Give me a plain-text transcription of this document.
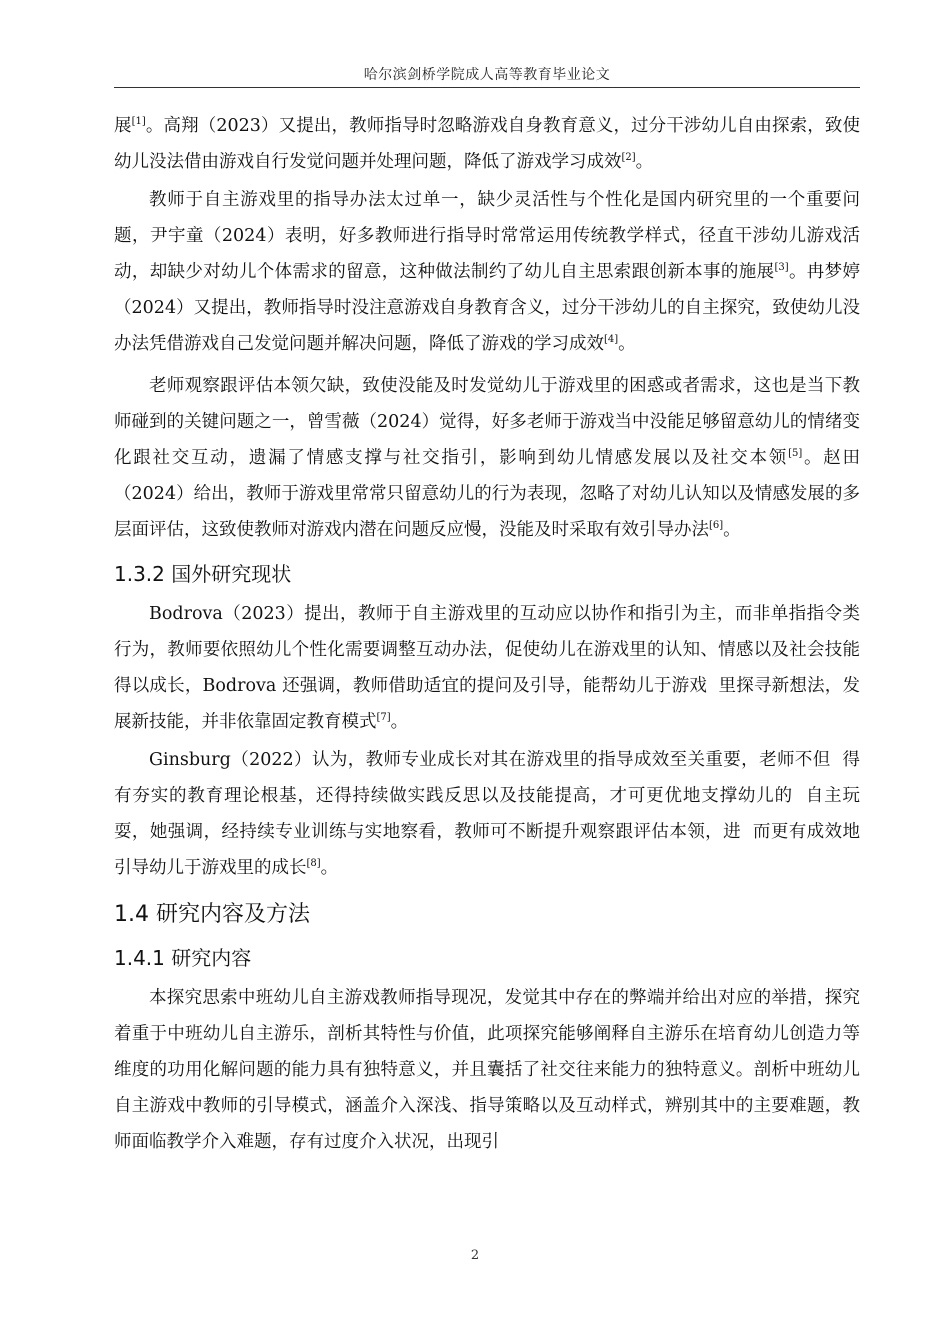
哈尔滨剑桥学院成人高等教育毕业论文

展[1]。高翔（2023）又提出，教师指导时忽略游戏自身教育意义，过分干涉幼儿自由探索，致使幼儿没法借由游戏自行发觉问题并处理问题，降低了游戏学习成效[2]。

教师于自主游戏里的指导办法太过单一，缺少灵活性与个性化是国内研究里的一个重要问题，尹宇童（2024）表明，好多教师进行指导时常常运用传统教学样式，径直干涉幼儿游戏活动，却缺少对幼儿个体需求的留意，这种做法制约了幼儿自主思索跟创新本事的施展[3]。冉梦婷（2024）又提出，教师指导时没注意游戏自身教育含义，过分干涉幼儿的自主探究，致使幼儿没办法凭借游戏自己发觉问题并解决问题，降低了游戏的学习成效[4]。

老师观察跟评估本领欠缺，致使没能及时发觉幼儿于游戏里的困惑或者需求，这也是当下教师碰到的关键问题之一，曾雪薇（2024）觉得，好多老师于游戏当中没能足够留意幼儿的情绪变化跟社交互动，遗漏了情感支撑与社交指引，影响到幼儿情感发展以及社交本领[5]。赵田（2024）给出，教师于游戏里常常只留意幼儿的行为表现，忽略了对幼儿认知以及情感发展的多层面评估，这致使教师对游戏内潜在问题反应慢，没能及时采取有效引导办法[6]。

1.3.2 国外研究现状

Bodrova（2023）提出，教师于自主游戏里的互动应以协作和指引为主，而非单指指令类行为，教师要依照幼儿个性化需要调整互动办法，促使幼儿在游戏里的认知、情感以及社会技能得以成长，Bodrova 还强调，教师借助适宜的提问及引导，能帮幼儿于游戏  里探寻新想法，发展新技能，并非依靠固定教育模式[7]。

Ginsburg（2022）认为，教师专业成长对其在游戏里的指导成效至关重要，老师不但  得有夯实的教育理论根基，还得持续做实践反思以及技能提高，才可更优地支撑幼儿的  自主玩耍，她强调，经持续专业训练与实地察看，教师可不断提升观察跟评估本领，进  而更有成效地引导幼儿于游戏里的成长[8]。

1.4 研究内容及方法
1.4.1 研究内容

本探究思索中班幼儿自主游戏教师指导现况，发觉其中存在的弊端并给出对应的举措，探究着重于中班幼儿自主游乐，剖析其特性与价值，此项探究能够阐释自主游乐在培育幼儿创造力等维度的功用化解问题的能力具有独特意义，并且囊括了社交往来能力的独特意义。剖析中班幼儿自主游戏中教师的引导模式，涵盖介入深浅、指导策略以及互动样式，辨别其中的主要难题，教师面临教学介入难题，存有过度介入状况，出现引

2
